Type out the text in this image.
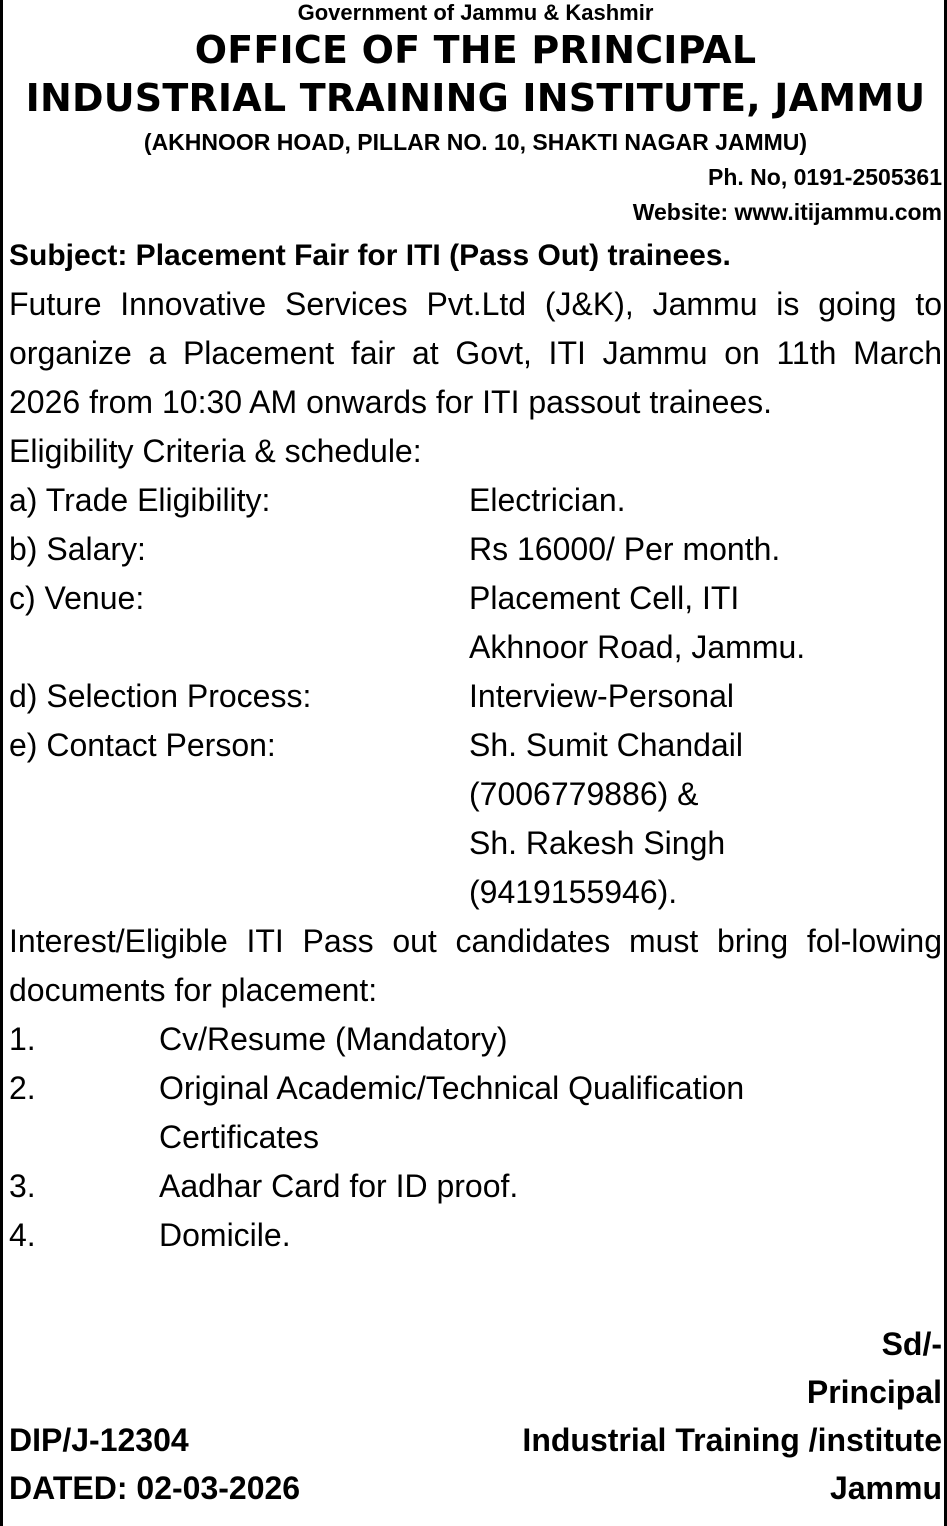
Government of Jammu & Kashmir
OFFICE OF THE PRINCIPAL
INDUSTRIAL TRAINING INSTITUTE, JAMMU
(AKHNOOR HOAD, PILLAR NO. 10, SHAKTI NAGAR JAMMU)
Ph. No, 0191-2505361
Website: www.itijammu.com
Subject: Placement Fair for ITI (Pass Out) trainees.
Future Innovative Services Pvt.Ltd (J&K), Jammu is going to organize a Placement fair at Govt, ITI Jammu on 11th March 2026 from 10:30 AM onwards for ITI passout trainees.
Eligibility Criteria & schedule:
a) Trade Eligibility:	Electrician.
b) Salary:	Rs 16000/ Per month.
c) Venue:	Placement Cell, ITI
Akhnoor Road, Jammu.
d) Selection Process:	Interview-Personal
e) Contact Person:	Sh. Sumit Chandail
(7006779886) &
Sh. Rakesh Singh
(9419155946).
Interest/Eligible ITI Pass out candidates must bring fol-lowing documents for placement:
1.	Cv/Resume (Mandatory)
2.	Original Academic/Technical Qualification
Certificates
3.	Aadhar Card for ID proof.
4.	Domicile.
Sd/-
Principal
Industrial Training /institute
Jammu
DIP/J-12304
DATED: 02-03-2026
